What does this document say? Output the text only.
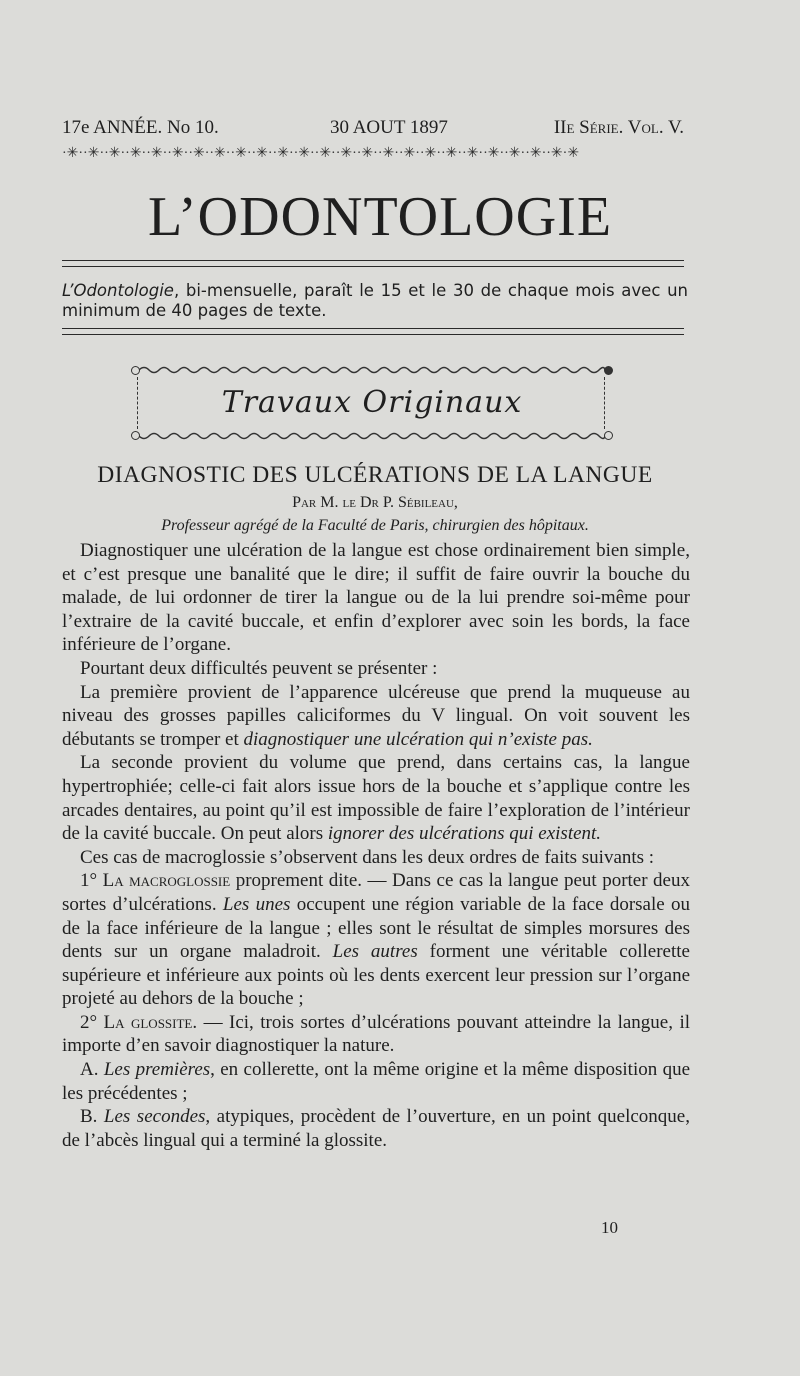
17e ANNÉE. No 10.	30 AOUT 1897	IIe Série. Vol. V.
·✳··✳··✳··✳··✳··✳··✳··✳··✳··✳··✳··✳··✳··✳··✳··✳··✳··✳··✳··✳··✳··✳··✳··✳·✳
L’ODONTOLOGIE
L’Odontologie, bi-mensuelle, paraît le 15 et le 30 de chaque mois avec un minimum de 40 pages de texte.
Travaux Originaux
DIAGNOSTIC DES ULCÉRATIONS DE LA LANGUE
Par M. le Dr P. Sébileau,
Professeur agrégé de la Faculté de Paris, chirurgien des hôpitaux.

Diagnostiquer une ulcération de la langue est chose ordinairement bien simple, et c’est presque une banalité que le dire; il suffit de faire ouvrir la bouche du malade, de lui ordonner de tirer la langue ou de la lui prendre soi-même pour l’extraire de la cavité buccale, et enfin d’explorer avec soin les bords, la face inférieure de l’organe.

Pourtant deux difficultés peuvent se présenter :

La première provient de l’apparence ulcéreuse que prend la muqueuse au niveau des grosses papilles caliciformes du V lingual. On voit souvent les débutants se tromper et diagnostiquer une ulcération qui n’existe pas.

La seconde provient du volume que prend, dans certains cas, la langue hypertrophiée; celle-ci fait alors issue hors de la bouche et s’applique contre les arcades dentaires, au point qu’il est impossible de faire l’exploration de l’intérieur de la cavité buccale. On peut alors ignorer des ulcérations qui existent.

Ces cas de macroglossie s’observent dans les deux ordres de faits suivants :

1° La macroglossie proprement dite. — Dans ce cas la langue peut porter deux sortes d’ulcérations. Les unes occupent une région variable de la face dorsale ou de la face inférieure de la langue ; elles sont le résultat de simples morsures des dents sur un organe maladroit. Les autres forment une véritable collerette supérieure et inférieure aux points où les dents exercent leur pression sur l’organe projeté au dehors de la bouche ;

2° La glossite. — Ici, trois sortes d’ulcérations pouvant atteindre la langue, il importe d’en savoir diagnostiquer la nature.

A. Les premières, en collerette, ont la même origine et la même disposition que les précédentes ;

B. Les secondes, atypiques, procèdent de l’ouverture, en un point quelconque, de l’abcès lingual qui a terminé la glossite.

10
